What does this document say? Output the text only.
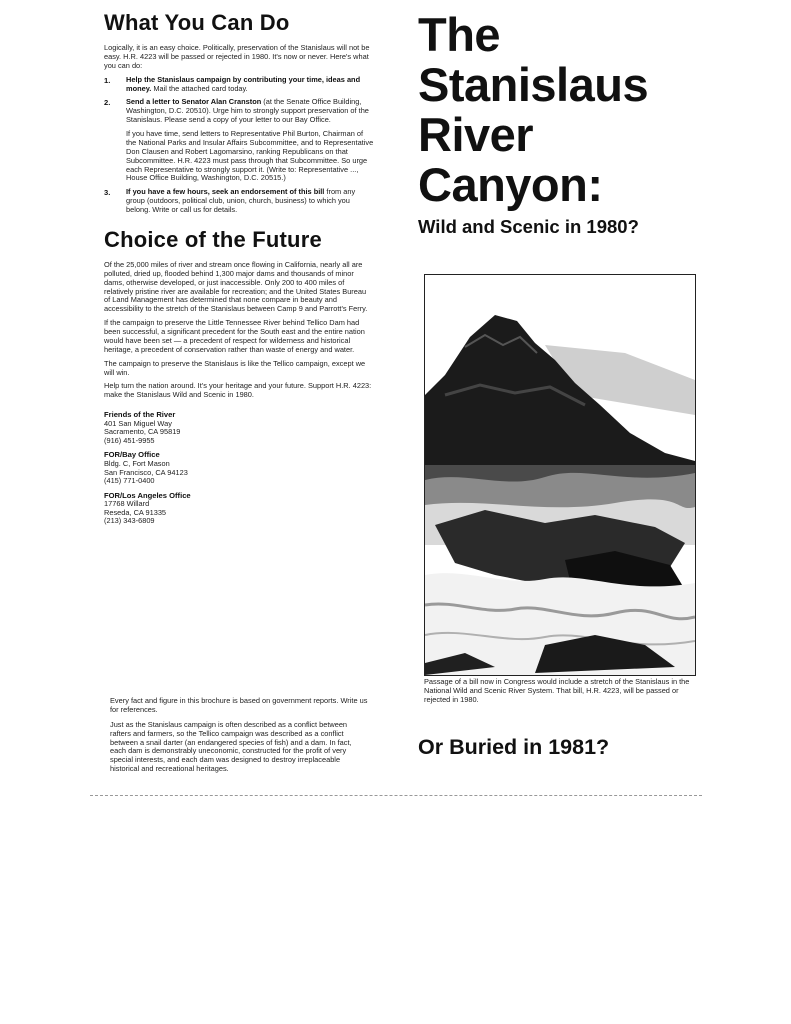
What You Can Do

Logically, it is an easy choice. Politically, preservation of the Stanislaus will not be easy. H.R. 4223 will be passed or rejected in 1980. It's now or never. Here's what you can do:

1.	Help the Stanislaus campaign by contributing your time, ideas and money. Mail the attached card today.
2.	Send a letter to Senator Alan Cranston (at the Senate Office Building, Washington, D.C. 20510). Urge him to strongly support preservation of the Stanislaus. Please send a copy of your letter to our Bay Office.

If you have time, send letters to Representative Phil Burton, Chairman of the National Parks and Insular Affairs Subcommittee, and to Representative Don Clausen and Robert Lagomarsino, ranking Republicans on that Subcommittee. H.R. 4223 must pass through that Subcommittee. So urge each Representative to strongly support it. (Write to: Representative ..., House Office Building, Washington, D.C. 20515.)

3.	If you have a few hours, seek an endorsement of this bill from any group (outdoors, political club, union, church, business) to which you belong. Write or call us for details.
Choice of the Future

Of the 25,000 miles of river and stream once flowing in California, nearly all are polluted, dried up, flooded behind 1,300 major dams and thousands of minor dams, otherwise developed, or just inaccessible. Only 200 to 400 miles of relatively pristine river are available for recreation; and the United States Bureau of Land Management has determined that none compare in beauty and accessibility to the stretch of the Stanislaus between Camp 9 and Parrott's Ferry.

If the campaign to preserve the Little Tennessee River behind Tellico Dam had been successful, a significant precedent for the South east and the entire nation would have been set — a precedent of respect for wilderness and historical heritage, a precedent of conservation rather than waste of energy and water.

The campaign to preserve the Stanislaus is like the Tellico campaign, except we will win.

Help turn the nation around. It's your heritage and your future. Support H.R. 4223: make the Stanislaus Wild and Scenic in 1980.

Friends of the River
401 San Miguel Way
Sacramento, CA 95819
(916) 451-9955
FOR/Bay Office
Bldg. C, Fort Mason
San Francisco, CA 94123
(415) 771-0400
FOR/Los Angeles Office
17768 Willard
Reseda, CA 91335
(213) 343-6809

Every fact and figure in this brochure is based on government reports. Write us for references.

Just as the Stanislaus campaign is often described as a conflict between rafters and farmers, so the Tellico campaign was described as a conflict between a snail darter (an endangered species of fish) and a dam. In fact, each dam is demonstrably uneconomic, constructed for the profit of very special interests, and each dam was designed to destroy irreplaceable historical and recreational heritages.

The
Stanislaus
River
Canyon:
Wild and Scenic in 1980?
Passage of a bill now in Congress would include a stretch of the Stanislaus in the National Wild and Scenic River System. That bill, H.R. 4223, will be passed or rejected in 1980.
Or Buried in 1981?
